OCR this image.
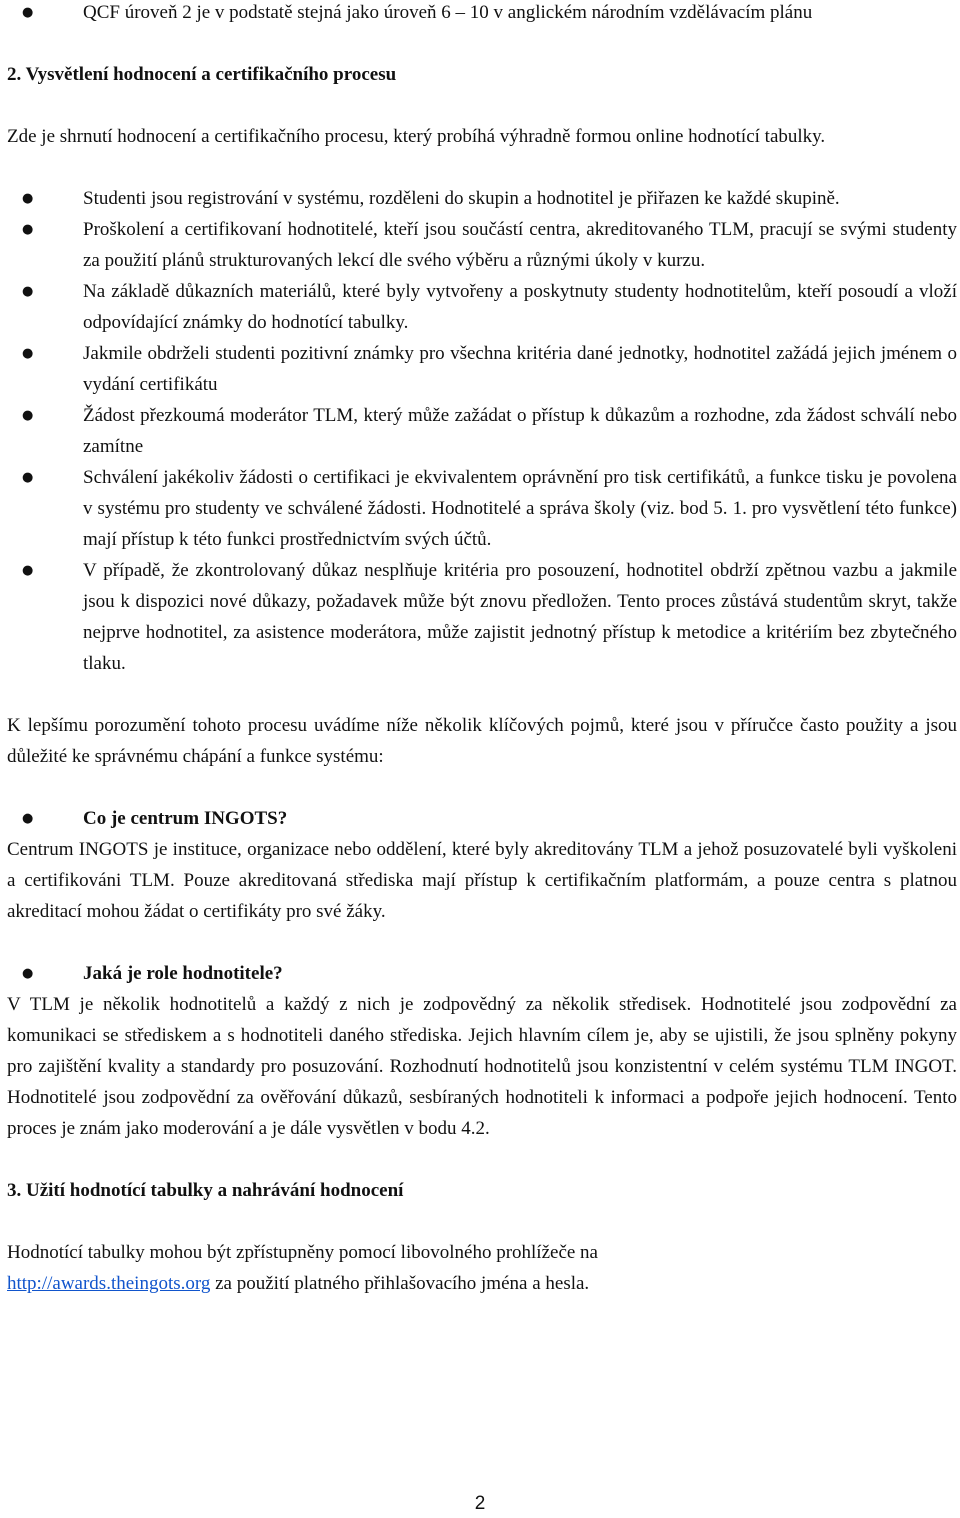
●	QCF úroveň 2 je v podstatě stejná jako úroveň 6 – 10 v anglickém národním vzdělávacím plánu
2. Vysvětlení hodnocení a certifikačního procesu

Zde je shrnutí hodnocení a certifikačního procesu, který probíhá výhradně formou online hodnotící tabulky.

●	Studenti jsou registrování v systému, rozděleni do skupin a hodnotitel je přiřazen ke každé skupině.
●	Proškolení a certifikovaní hodnotitelé, kteří jsou součástí centra, akreditovaného TLM, pracují se svými studenty za použití plánů strukturovaných lekcí dle svého výběru a různými úkoly v kurzu.
●	Na základě důkazních materiálů, které byly vytvořeny a poskytnuty studenty hodnotitelům, kteří posoudí a vloží odpovídající známky do hodnotící tabulky.
●	Jakmile obdrželi studenti pozitivní známky pro všechna kritéria dané jednotky, hodnotitel zažádá jejich jménem o vydání certifikátu
●	Žádost přezkoumá moderátor TLM, který může zažádat o přístup k důkazům a rozhodne, zda žádost schválí nebo zamítne
●	Schválení jakékoliv žádosti o certifikaci je ekvivalentem oprávnění pro tisk certifikátů, a funkce tisku je povolena v systému pro studenty ve schválené žádosti. Hodnotitelé a správa školy (viz. bod 5. 1. pro vysvětlení této funkce) mají přístup k této funkci prostřednictvím svých účtů.
●	V případě, že zkontrolovaný důkaz nesplňuje kritéria pro posouzení, hodnotitel obdrží zpětnou vazbu a jakmile jsou k dispozici nové důkazy, požadavek může být znovu předložen. Tento proces zůstává studentům skryt, takže nejprve hodnotitel, za asistence moderátora, může zajistit jednotný přístup k metodice a kritériím bez zbytečného tlaku.

K lepšímu porozumění tohoto procesu uvádíme níže několik klíčových pojmů, které jsou v příručce často použity a jsou důležité ke správnému chápání a funkce systému:

●	Co je centrum INGOTS?

Centrum INGOTS je instituce, organizace nebo oddělení, které byly akreditovány TLM a jehož posuzovatelé byli vyškoleni a certifikováni TLM. Pouze akreditovaná střediska mají přístup k certifikačním platformám, a pouze centra s platnou akreditací mohou žádat o certifikáty pro své žáky.

●	Jaká je role hodnotitele?

V TLM je několik hodnotitelů a každý z nich je zodpovědný za několik středisek. Hodnotitelé jsou zodpovědní za komunikaci se střediskem a s hodnotiteli daného střediska. Jejich hlavním cílem je, aby se ujistili, že jsou splněny pokyny pro zajištění kvality a standardy pro posuzování. Rozhodnutí hodnotitelů jsou konzistentní v celém systému TLM INGOT. Hodnotitelé jsou zodpovědní za ověřování důkazů, sesbíraných hodnotiteli k informaci a podpoře jejich hodnocení. Tento proces je znám jako moderování a je dále vysvětlen v bodu 4.2.

3. Užití hodnotící tabulky a nahrávání hodnocení

Hodnotící tabulky mohou být zpřístupněny pomocí libovolného prohlížeče na
http://awards.theingots.org za použití platného přihlašovacího jména a hesla.

2
